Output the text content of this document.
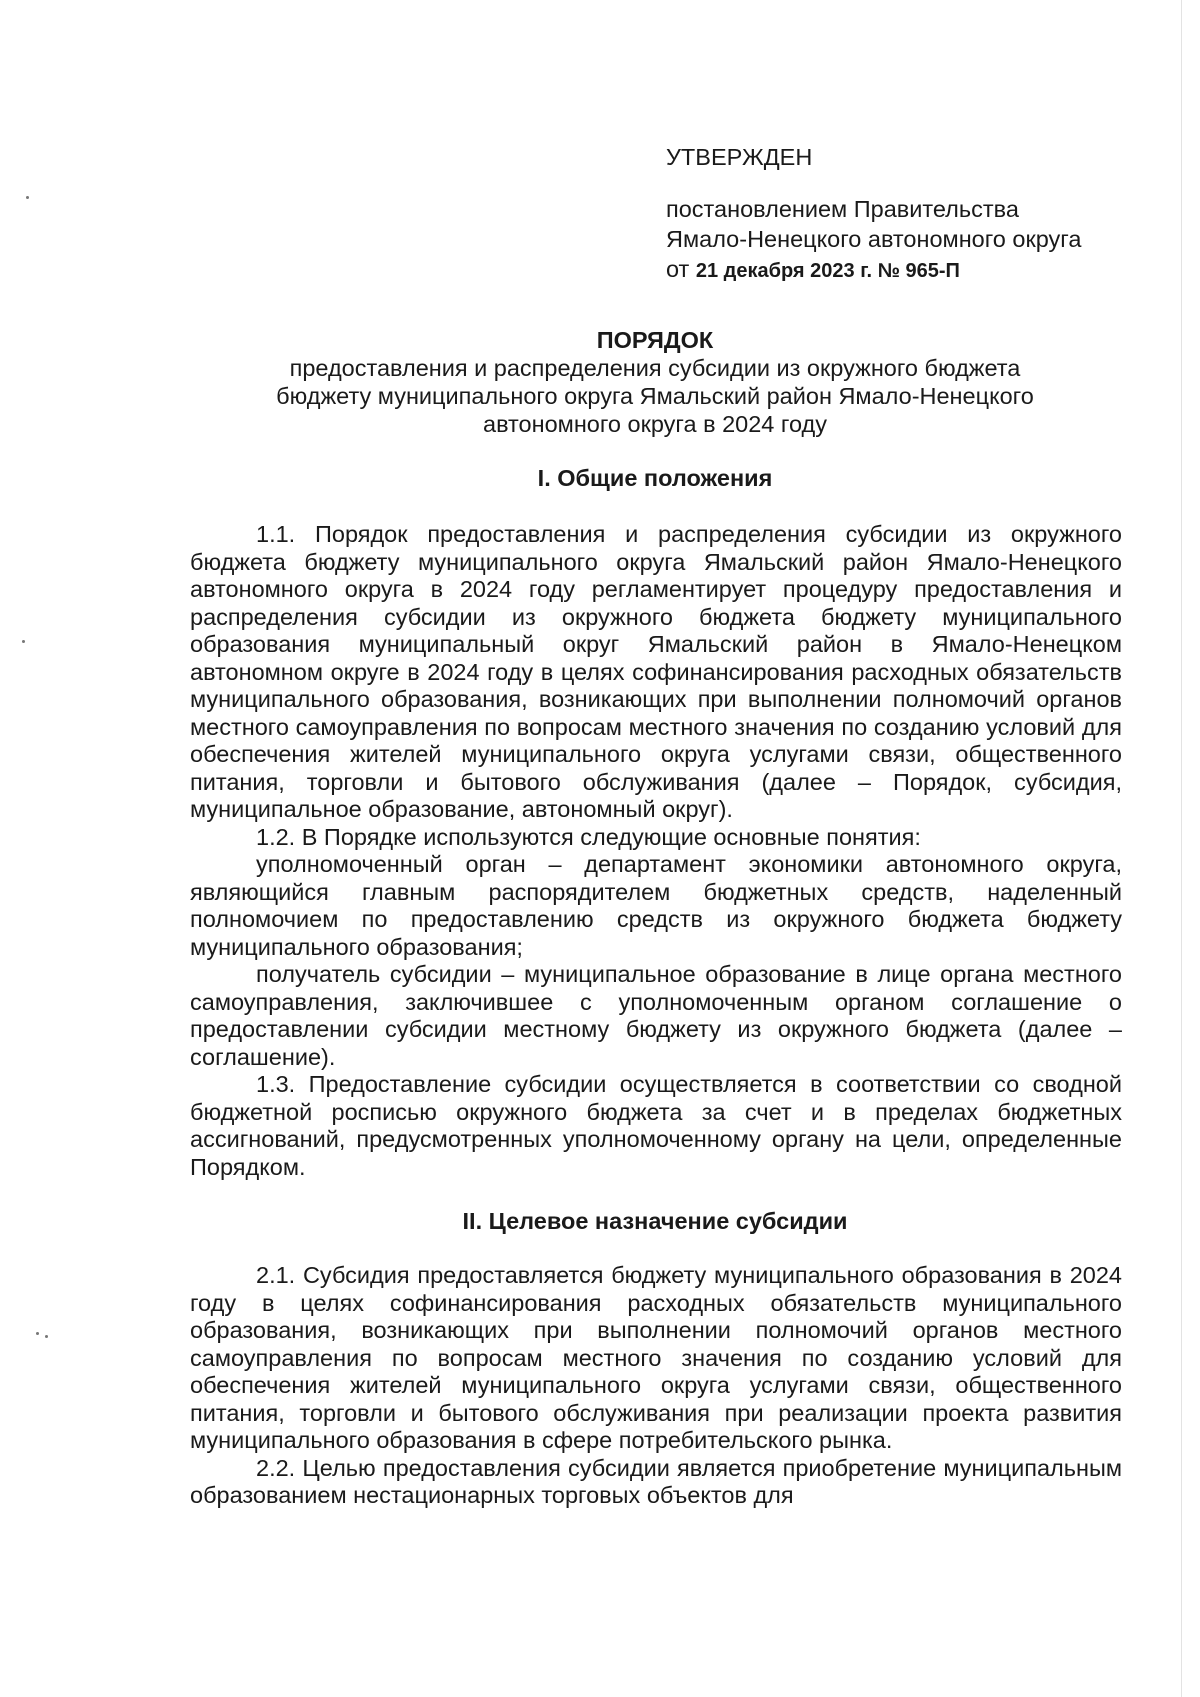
УТВЕРЖДЕН
постановлением Правительства
Ямало-Ненецкого автономного округа
от 21 декабря 2023 г. № 965-П
ПОРЯДОК
предоставления и распределения субсидии из окружного бюджета бюджету муниципального округа Ямальский район Ямало-Ненецкого автономного округа в 2024 году
I. Общие положения

1.1. Порядок предоставления и распределения субсидии из окружного бюджета бюджету муниципального округа Ямальский район Ямало-Ненецкого автономного округа в 2024 году регламентирует процедуру предоставления и распределения субсидии из окружного бюджета бюджету муниципального образования муниципальный округ Ямальский район в Ямало-Ненецком автономном округе в 2024 году в целях софинансирования расходных обязательств муниципального образования, возникающих при выполнении полномочий органов местного самоуправления по вопросам местного значения по созданию условий для обеспечения жителей муниципального округа услугами связи, общественного питания, торговли и бытового обслуживания (далее – Порядок, субсидия, муниципальное образование, автономный округ).

1.2. В Порядке используются следующие основные понятия:

уполномоченный орган – департамент экономики автономного округа, являющийся главным распорядителем бюджетных средств, наделенный полномочием по предоставлению средств из окружного бюджета бюджету муниципального образования;

получатель субсидии – муниципальное образование в лице органа местного самоуправления, заключившее с уполномоченным органом соглашение о предоставлении субсидии местному бюджету из окружного бюджета (далее – соглашение).

1.3. Предоставление субсидии осуществляется в соответствии со сводной бюджетной росписью окружного бюджета за счет и в пределах бюджетных ассигнований, предусмотренных уполномоченному органу на цели, определенные Порядком.

II. Целевое назначение субсидии

2.1. Субсидия предоставляется бюджету муниципального образования в 2024 году в целях софинансирования расходных обязательств муниципального образования, возникающих при выполнении полномочий органов местного самоуправления по вопросам местного значения по созданию условий для обеспечения жителей муниципального округа услугами связи, общественного питания, торговли и бытового обслуживания при реализации проекта развития муниципального образования в сфере потребительского рынка.

2.2. Целью предоставления субсидии является приобретение муниципальным образованием нестационарных торговых объектов для
